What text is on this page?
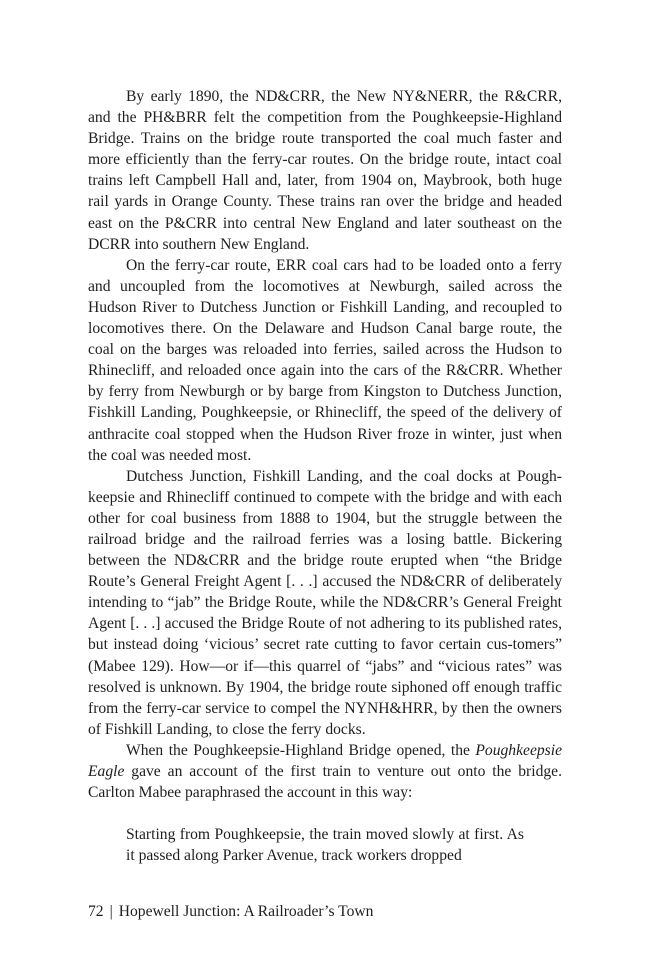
By early 1890, the ND&CRR, the New NY&NERR, the R&CRR, and the PH&BRR felt the competition from the Poughkeepsie-Highland Bridge. Trains on the bridge route transported the coal much faster and more efficiently than the ferry-car routes. On the bridge route, intact coal trains left Campbell Hall and, later, from 1904 on, Maybrook, both huge rail yards in Orange County. These trains ran over the bridge and headed east on the P&CRR into central New England and later southeast on the DCRR into southern New England.

On the ferry-car route, ERR coal cars had to be loaded onto a ferry and uncoupled from the locomotives at Newburgh, sailed across the Hudson River to Dutchess Junction or Fishkill Landing, and recoupled to locomotives there. On the Delaware and Hudson Canal barge route, the coal on the barges was reloaded into ferries, sailed across the Hudson to Rhinecliff, and reloaded once again into the cars of the R&CRR. Whether by ferry from Newburgh or by barge from Kingston to Dutchess Junction, Fishkill Landing, Poughkeepsie, or Rhinecliff, the speed of the delivery of anthracite coal stopped when the Hudson River froze in winter, just when the coal was needed most.

Dutchess Junction, Fishkill Landing, and the coal docks at Pough-keepsie and Rhinecliff continued to compete with the bridge and with each other for coal business from 1888 to 1904, but the struggle between the railroad bridge and the railroad ferries was a losing battle. Bickering between the ND&CRR and the bridge route erupted when “the Bridge Route’s General Freight Agent [. . .] accused the ND&CRR of deliberately intending to “jab” the Bridge Route, while the ND&CRR’s General Freight Agent [. . .] accused the Bridge Route of not adhering to its published rates, but instead doing ‘vicious’ secret rate cutting to favor certain cus-tomers” (Mabee 129). How—or if—this quarrel of “jabs” and “vicious rates” was resolved is unknown. By 1904, the bridge route siphoned off enough traffic from the ferry-car service to compel the NYNH&HRR, by then the owners of Fishkill Landing, to close the ferry docks.

When the Poughkeepsie-Highland Bridge opened, the Poughkeepsie Eagle gave an account of the first train to venture out onto the bridge. Carlton Mabee paraphrased the account in this way:

Starting from Poughkeepsie, the train moved slowly at first. As it passed along Parker Avenue, track workers dropped

72 | Hopewell Junction: A Railroader’s Town
